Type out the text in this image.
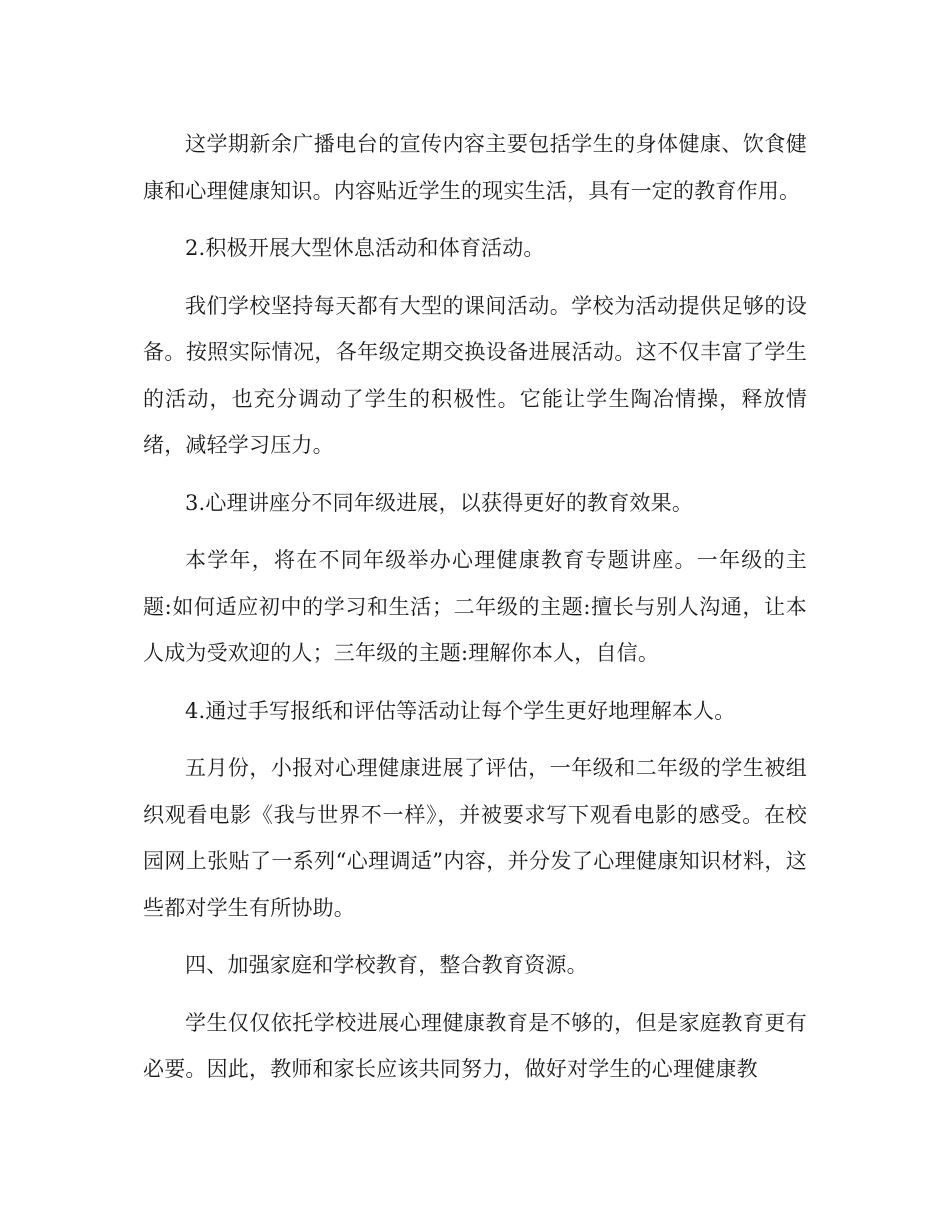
这学期新余广播电台的宣传内容主要包括学生的身体健康、饮食健康和心理健康知识。内容贴近学生的现实生活，具有一定的教育作用。

2.积极开展大型休息活动和体育活动。

我们学校坚持每天都有大型的课间活动。学校为活动提供足够的设备。按照实际情况，各年级定期交换设备进展活动。这不仅丰富了学生的活动，也充分调动了学生的积极性。它能让学生陶冶情操，释放情绪，减轻学习压力。

3.心理讲座分不同年级进展，以获得更好的教育效果。

本学年，将在不同年级举办心理健康教育专题讲座。一年级的主题:如何适应初中的学习和生活；二年级的主题:擅长与别人沟通，让本人成为受欢迎的人；三年级的主题:理解你本人，自信。

4.通过手写报纸和评估等活动让每个学生更好地理解本人。

五月份，小报对心理健康进展了评估，一年级和二年级的学生被组织观看电影《我与世界不一样》，并被要求写下观看电影的感受。在校园网上张贴了一系列“心理调适”内容，并分发了心理健康知识材料，这些都对学生有所协助。

四、加强家庭和学校教育，整合教育资源。

学生仅仅依托学校进展心理健康教育是不够的，但是家庭教育更有必要。因此，教师和家长应该共同努力，做好对学生的心理健康教
